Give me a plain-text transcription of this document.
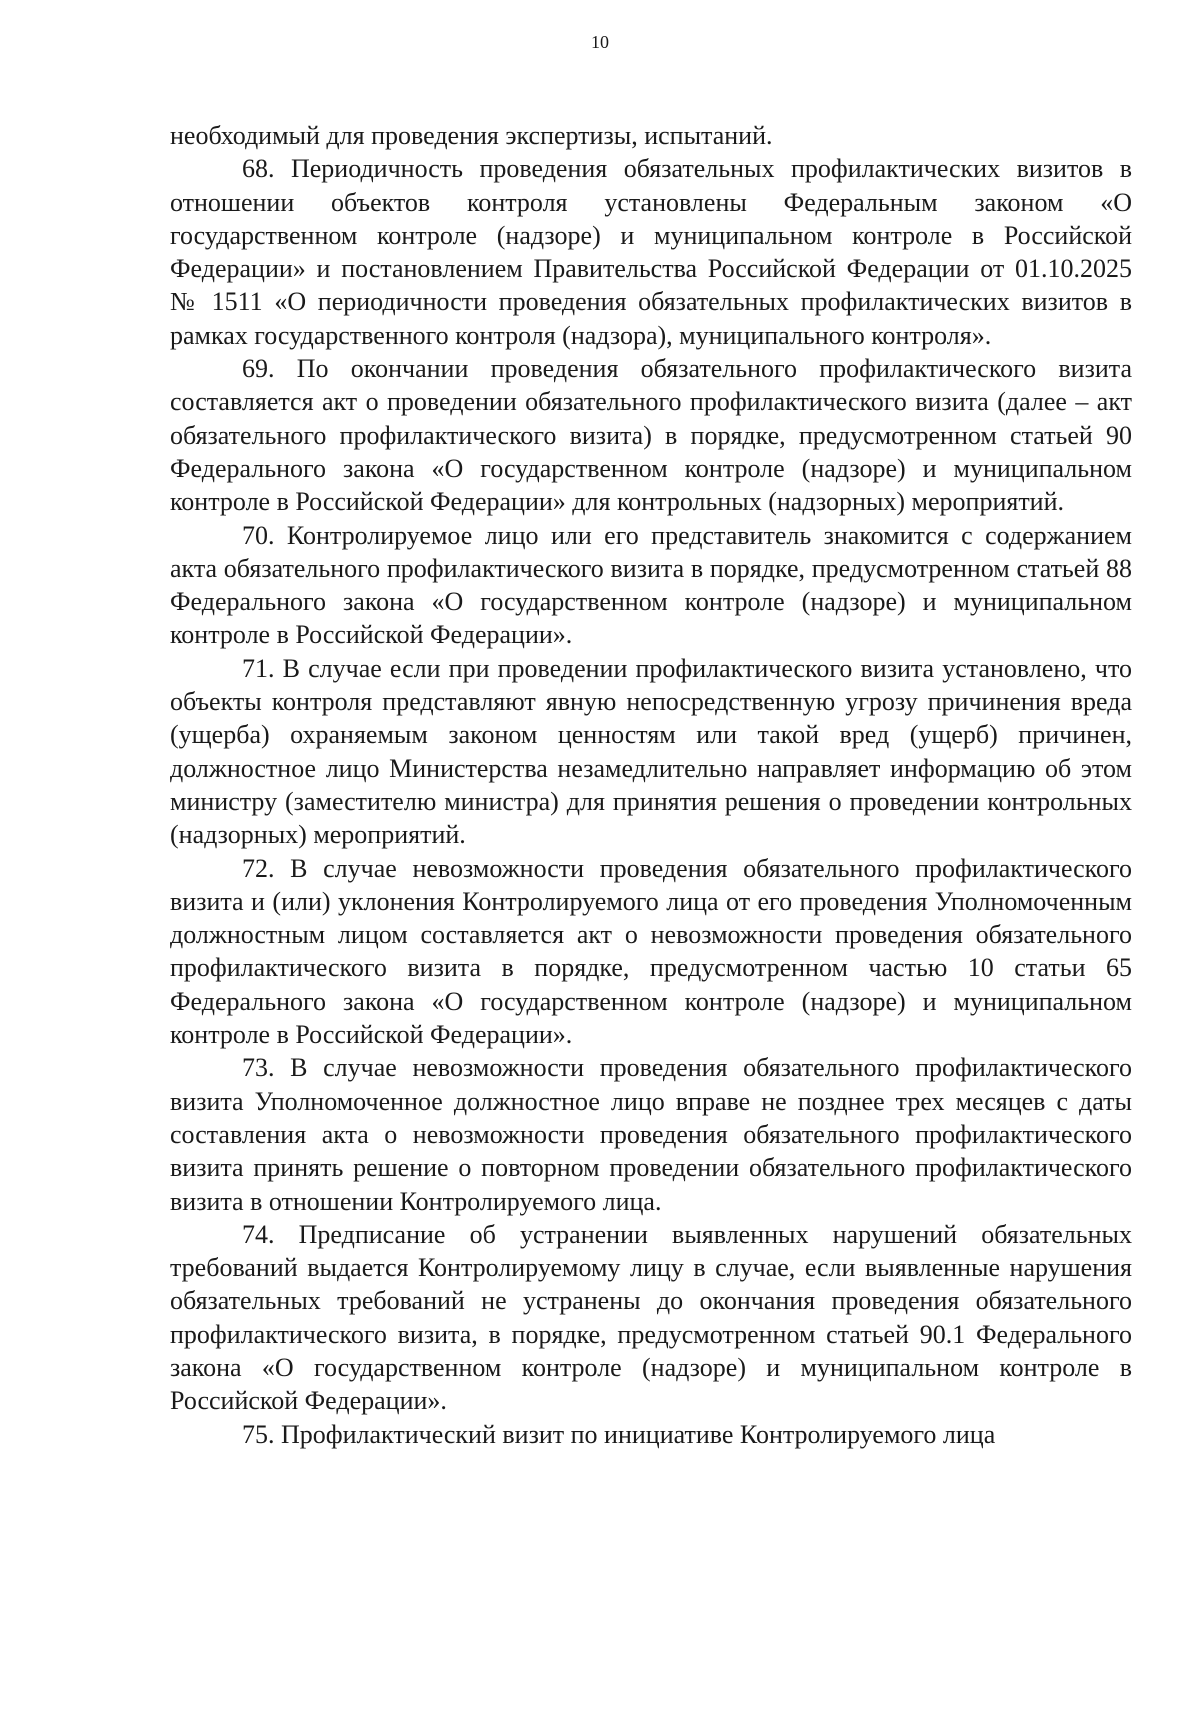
10

необходимый для проведения экспертизы, испытаний.

68. Периодичность проведения обязательных профилактических визитов в отношении объектов контроля установлены Федеральным законом «О государственном контроле (надзоре) и муниципальном контроле в Российской Федерации» и постановлением Правительства Российской Федерации от 01.10.2025 № 1511 «О периодичности проведения обязательных профилактических визитов в рамках государственного контроля (надзора), муниципального контроля».

69. По окончании проведения обязательного профилактического визита составляется акт о проведении обязательного профилактического визита (далее – акт обязательного профилактического визита) в порядке, предусмотренном статьей 90 Федерального закона «О государственном контроле (надзоре) и муниципальном контроле в Российской Федерации» для контрольных (надзорных) мероприятий.

70. Контролируемое лицо или его представитель знакомится с содержанием акта обязательного профилактического визита в порядке, предусмотренном статьей 88 Федерального закона «О государственном контроле (надзоре) и муниципальном контроле в Российской Федерации».

71. В случае если при проведении профилактического визита установлено, что объекты контроля представляют явную непосредственную угрозу причинения вреда (ущерба) охраняемым законом ценностям или такой вред (ущерб) причинен, должностное лицо Министерства незамедлительно направляет информацию об этом министру (заместителю министра) для принятия решения о проведении контрольных (надзорных) мероприятий.

72. В случае невозможности проведения обязательного профилактического визита и (или) уклонения Контролируемого лица от его проведения Уполномоченным должностным лицом составляется акт о невозможности проведения обязательного профилактического визита в порядке, предусмотренном частью 10 статьи 65 Федерального закона «О государственном контроле (надзоре) и муниципальном контроле в Российской Федерации».

73. В случае невозможности проведения обязательного профилактического визита Уполномоченное должностное лицо вправе не позднее трех месяцев с даты составления акта о невозможности проведения обязательного профилактического визита принять решение о повторном проведении обязательного профилактического визита в отношении Контролируемого лица.

74. Предписание об устранении выявленных нарушений обязательных требований выдается Контролируемому лицу в случае, если выявленные нарушения обязательных требований не устранены до окончания проведения обязательного профилактического визита, в порядке, предусмотренном статьей 90.1 Федерального закона «О государственном контроле (надзоре) и муниципальном контроле в Российской Федерации».

75. Профилактический визит по инициативе Контролируемого лица
